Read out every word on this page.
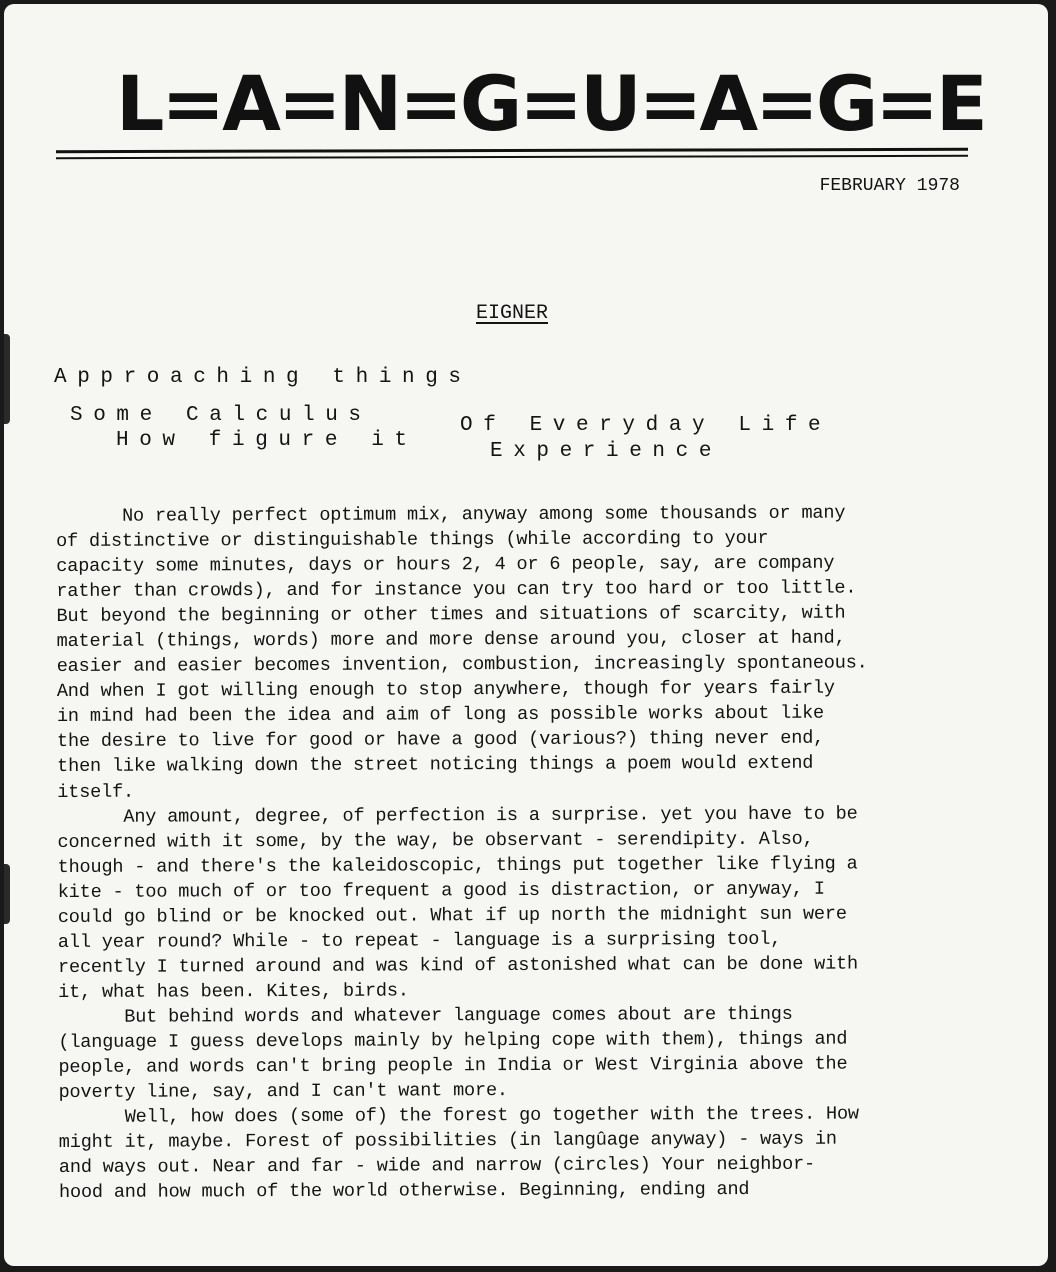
L=A=N=G=U=A=G=E
FEBRUARY 1978
EIGNER
Approaching things
Some Calculus
How figure it
Of Everyday Life
Experience

No really perfect optimum mix, anyway among some thousands or many
of distinctive or distinguishable things (while according to your
capacity some minutes, days or hours 2, 4 or 6 people, say, are company
rather than crowds), and for instance you can try too hard or too little.
But beyond the beginning or other times and situations of scarcity, with
material (things, words) more and more dense around you, closer at hand,
easier and easier becomes invention, combustion, increasingly spontaneous.
And when I got willing enough to stop anywhere, though for years fairly
in mind had been the idea and aim of long as possible works about like
the desire to live for good or have a good (various?) thing never end,
then like walking down the street noticing things a poem would extend
itself.

Any amount, degree, of perfection is a surprise. yet you have to be
concerned with it some, by the way, be observant - serendipity. Also,
though - and there's the kaleidoscopic, things put together like flying a
kite - too much of or too frequent a good is distraction, or anyway, I
could go blind or be knocked out. What if up north the midnight sun were
all year round? While - to repeat - language is a surprising tool,
recently I turned around and was kind of astonished what can be done with
it, what has been. Kites, birds.

But behind words and whatever language comes about are things
(language I guess develops mainly by helping cope with them), things and
people, and words can't bring people in India or West Virginia above the
poverty line, say, and I can't want more.

Well, how does (some of) the forest go together with the trees. How
might it, maybe. Forest of possibilities (in langûage anyway) - ways in
and ways out. Near and far - wide and narrow (circles) Your neighbor-
hood and how much of the world otherwise. Beginning, ending and
